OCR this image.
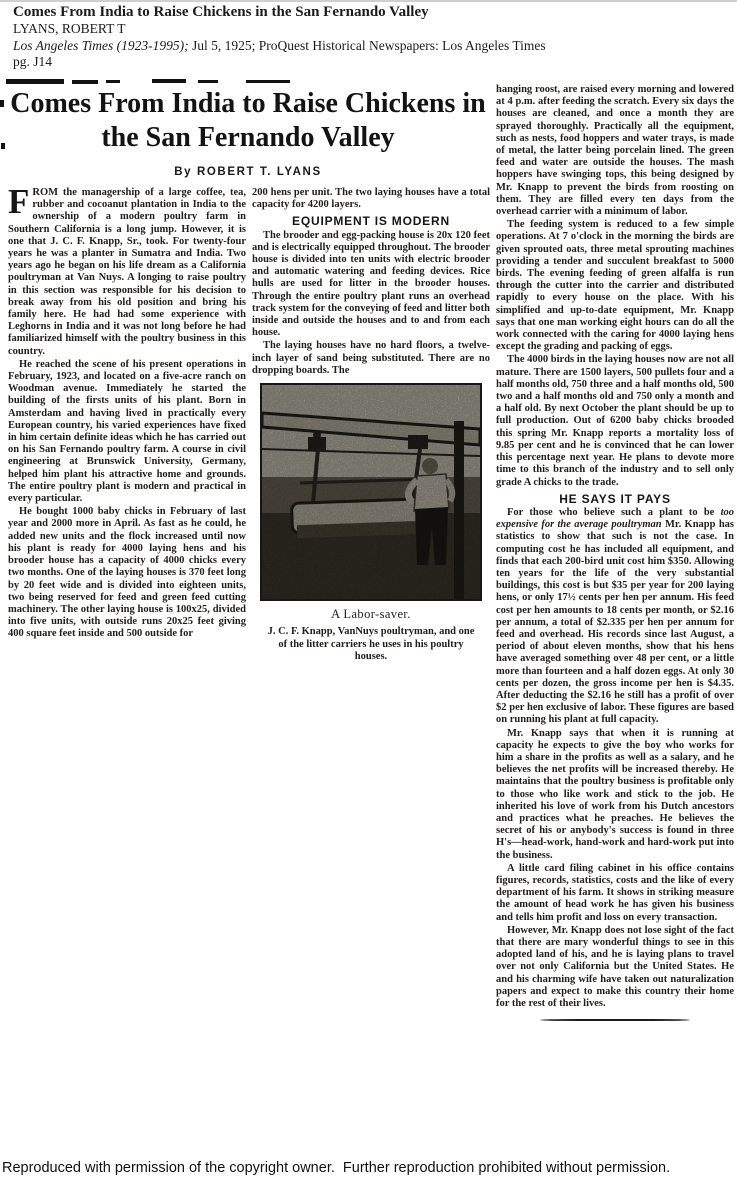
Comes From India to Raise Chickens in the San Fernando Valley
LYANS, ROBERT T
Los Angeles Times (1923-1995); Jul 5, 1925; ProQuest Historical Newspapers: Los Angeles Times
pg. J14
Comes From India to Raise Chickens in the San Fernando Valley
By ROBERT T. LYANS

FROM the managership of a large coffee, tea, rubber and cocoanut plantation in India to the ownership of a modern poultry farm in Southern California is a long jump. However, it is one that J. C. F. Knapp, Sr., took. For twenty-four years he was a planter in Sumatra and India. Two years ago he began on his life dream as a California poultryman at Van Nuys. A longing to raise poultry in this section was responsible for his decision to break away from his old position and bring his family here. He had had some experience with Leghorns in India and it was not long before he had familiarized himself with the poultry business in this country.

He reached the scene of his present operations in February, 1923, and located on a five-acre ranch on Woodman avenue. Immediately he started the building of the firsts units of his plant. Born in Amsterdam and having lived in practically every European country, his varied experiences have fixed in him certain definite ideas which he has carried out on his San Fernando poultry farm. A course in civil engineering at Brunswick University, Germany, helped him plant his attractive home and grounds. The entire poultry plant is modern and practical in every particular.

He bought 1000 baby chicks in February of last year and 2000 more in April. As fast as he could, he added new units and the flock increased until now his plant is ready for 4000 laying hens and his brooder house has a capacity of 4000 chicks every two months. One of the laying houses is 370 feet long by 20 feet wide and is divided into eighteen units, two being reserved for feed and green feed cutting machinery. The other laying house is 100x25, divided into five units, with outside runs 20x25 feet giving 400 square feet inside and 500 outside for

200 hens per unit. The two laying houses have a total capacity for 4200 layers.

EQUIPMENT IS MODERN

The brooder and egg-packing house is 20x 120 feet and is electrically equipped throughout. The brooder house is divided into ten units with electric brooder and automatic watering and feeding devices. Rice hulls are used for litter in the brooder houses. Through the entire poultry plant runs an overhead track system for the conveying of feed and litter both inside and outside the houses and to and from each house.

The laying houses have no hard floors, a twelve-inch layer of sand being substituted. There are no dropping boards. The

A Labor-saver.
J. C. F. Knapp, VanNuys poultryman, and one of the litter carriers he uses in his poultry houses.

hanging roost, are raised every morning and lowered at 4 p.m. after feeding the scratch. Every six days the houses are cleaned, and once a month they are sprayed thoroughly. Practically all the equipment, such as nests, food hoppers and water trays, is made of metal, the latter being porcelain lined. The green feed and water are outside the houses. The mash hoppers have swinging tops, this being designed by Mr. Knapp to prevent the birds from roosting on them. They are filled every ten days from the overhead carrier with a minimum of labor.

The feeding system is reduced to a few simple operations. At 7 o'clock in the morning the birds are given sprouted oats, three metal sprouting machines providing a tender and succulent breakfast to 5000 birds. The evening feeding of green alfalfa is run through the cutter into the carrier and distributed rapidly to every house on the place. With his simplified and up-to-date equipment, Mr. Knapp says that one man working eight hours can do all the work connected with the caring for 4000 laying hens except the grading and packing of eggs.

The 4000 birds in the laying houses now are not all mature. There are 1500 layers, 500 pullets four and a half months old, 750 three and a half months old, 500 two and a half months old and 750 only a month and a half old. By next October the plant should be up to full production. Out of 6200 baby chicks brooded this spring Mr. Knapp reports a mortality loss of 9.85 per cent and he is convinced that he can lower this percentage next year. He plans to devote more time to this branch of the industry and to sell only grade A chicks to the trade.

HE SAYS IT PAYS

For those who believe such a plant to be too expensive for the average poultryman Mr. Knapp has statistics to show that such is not the case. In computing cost he has included all equipment, and finds that each 200-bird unit cost him $350. Allowing ten years for the life of the very substantial buildings, this cost is but $35 per year for 200 laying hens, or only 17½ cents per hen per annum. His feed cost per hen amounts to 18 cents per month, or $2.16 per annum, a total of $2.335 per hen per annum for feed and overhead. His records since last August, a period of about eleven months, show that his hens have averaged something over 48 per cent, or a little more than fourteen and a half dozen eggs. At only 30 cents per dozen, the gross income per hen is $4.35. After deducting the $2.16 he still has a profit of over $2 per hen exclusive of labor. These figures are based on running his plant at full capacity.

Mr. Knapp says that when it is running at capacity he expects to give the boy who works for him a share in the profits as well as a salary, and he believes the net profits will be increased thereby. He maintains that the poultry business is profitable only to those who like work and stick to the job. He inherited his love of work from his Dutch ancestors and practices what he preaches. He believes the secret of his or anybody's success is found in three H's—head-work, hand-work and hard-work put into the business.

A little card filing cabinet in his office contains figures, records, statistics, costs and the like of every department of his farm. It shows in striking measure the amount of head work he has given his business and tells him profit and loss on every transaction.

However, Mr. Knapp does not lose sight of the fact that there are mary wonderful things to see in this adopted land of his, and he is laying plans to travel over not only California but the United States. He and his charming wife have taken out naturalization papers and expect to make this country their home for the rest of their lives.

Reproduced with permission of the copyright owner.  Further reproduction prohibited without permission.
